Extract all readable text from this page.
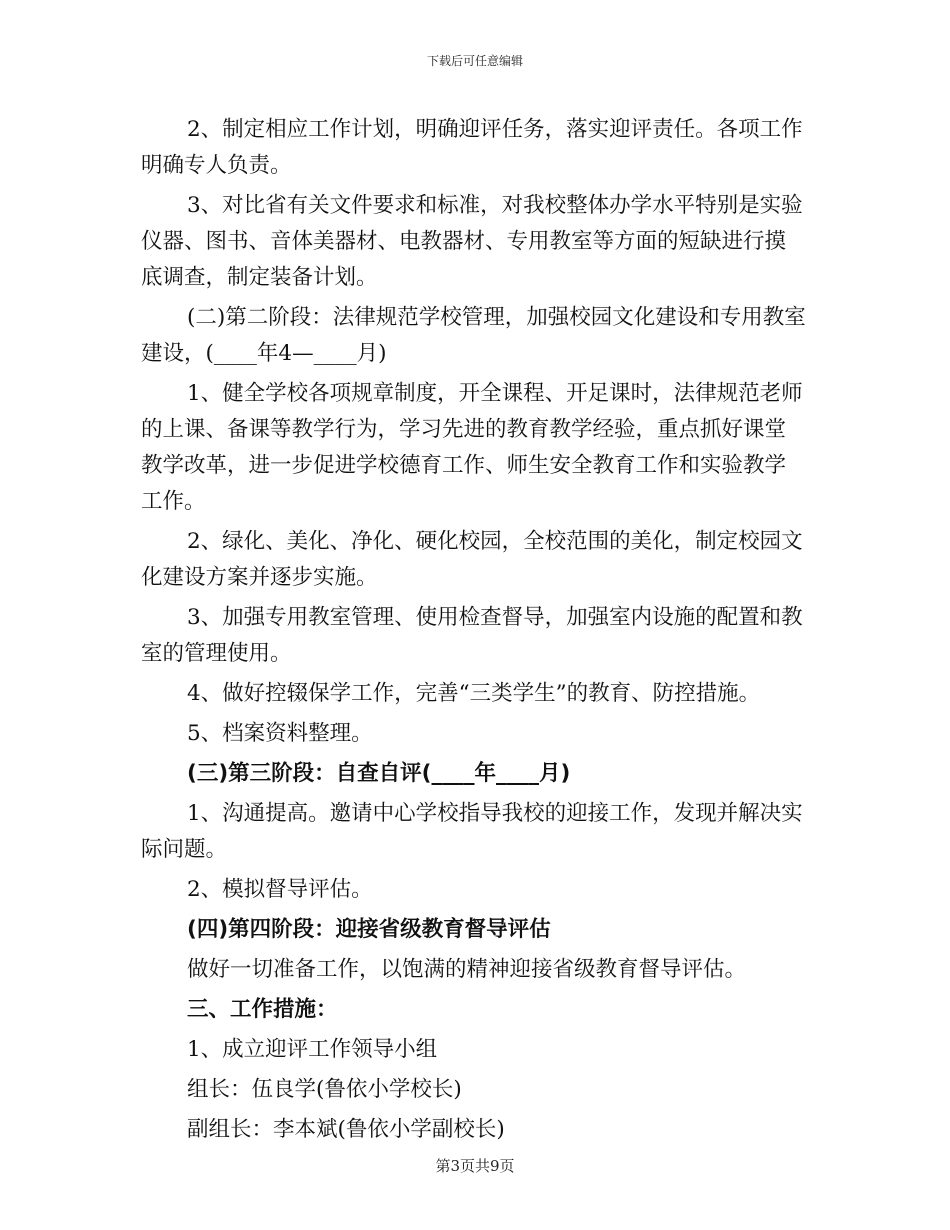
下载后可任意编辑

2、制定相应工作计划，明确迎评任务，落实迎评责任。各项工作明确专人负责。

3、对比省有关文件要求和标准，对我校整体办学水平特别是实验仪器、图书、音体美器材、电教器材、专用教室等方面的短缺进行摸底调查，制定装备计划。

(二)第二阶段：法律规范学校管理，加强校园文化建设和专用教室建设，(____年4—____月)

1、健全学校各项规章制度，开全课程、开足课时，法律规范老师的上课、备课等教学行为，学习先进的教育教学经验，重点抓好课堂教学改革，进一步促进学校德育工作、师生安全教育工作和实验教学工作。

2、绿化、美化、净化、硬化校园，全校范围的美化，制定校园文化建设方案并逐步实施。

3、加强专用教室管理、使用检查督导，加强室内设施的配置和教室的管理使用。

4、做好控辍保学工作，完善“三类学生”的教育、防控措施。

5、档案资料整理。

(三)第三阶段：自查自评(____年____月)

1、沟通提高。邀请中心学校指导我校的迎接工作，发现并解决实际问题。

2、模拟督导评估。

(四)第四阶段：迎接省级教育督导评估

做好一切准备工作，以饱满的精神迎接省级教育督导评估。

三、工作措施：

1、成立迎评工作领导小组

组长：伍良学(鲁依小学校长)

副组长：李本斌(鲁依小学副校长)

第3页共9页
